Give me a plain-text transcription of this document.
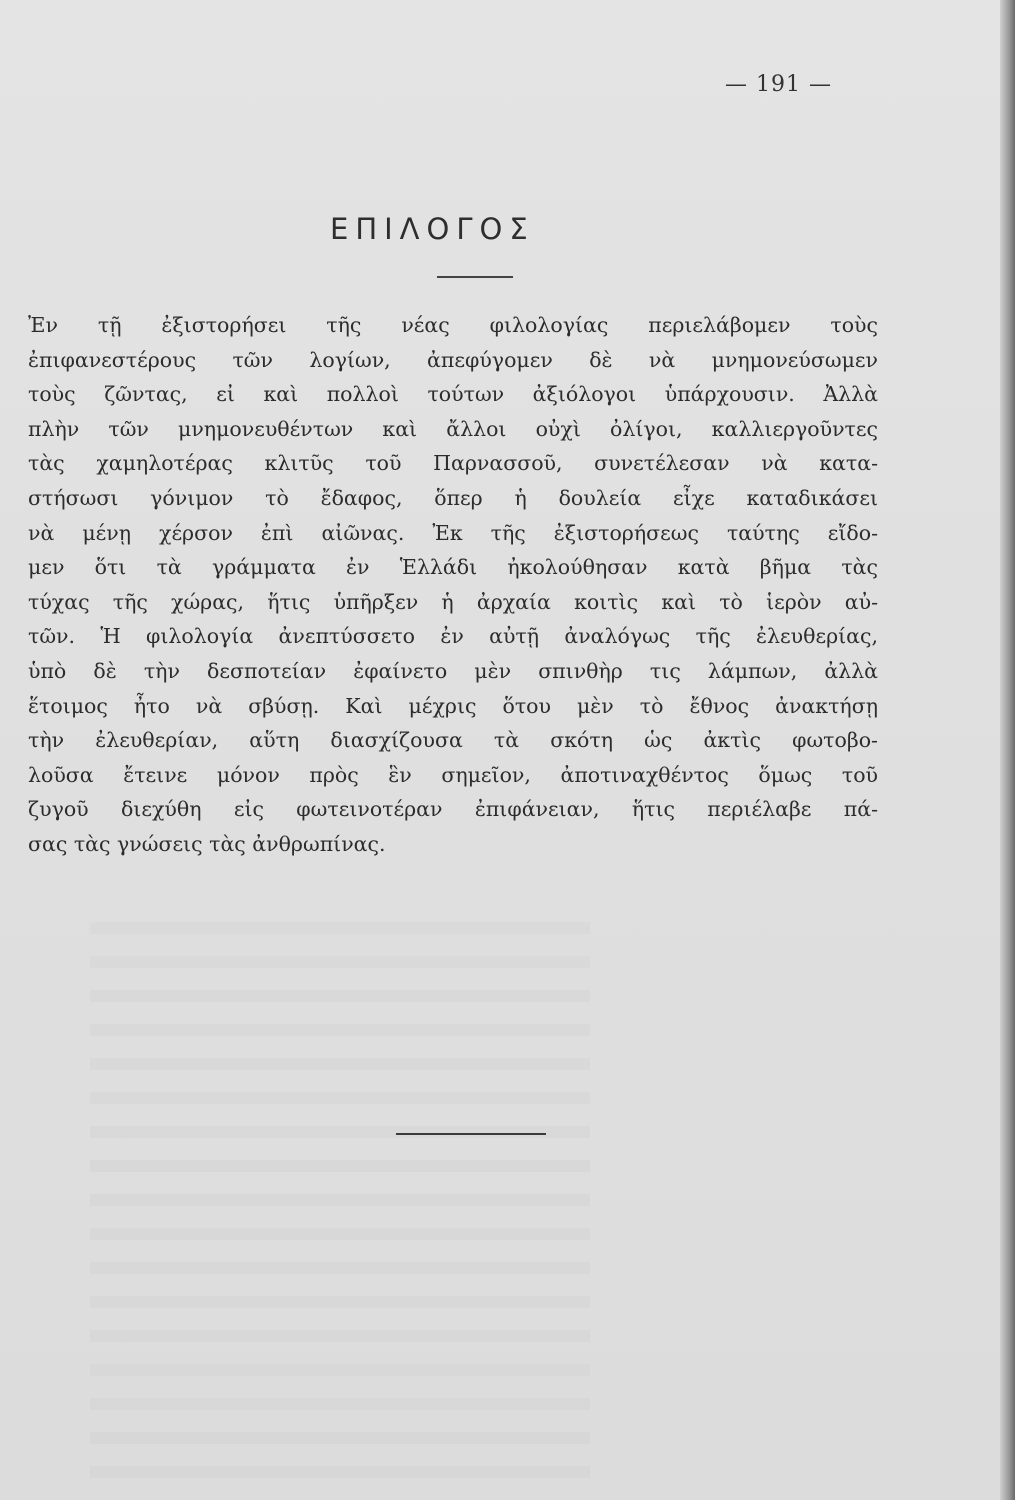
— 191 —
ΕΠΙΛΟΓΟΣ
Ἐν τῇ ἐξιστορήσει τῆς νέας φιλολογίας περιελάβομεν τοὺς
ἐπιφανεστέρους τῶν λογίων, ἀπεφύγομεν δὲ νὰ μνημονεύσωμεν
τοὺς ζῶντας, εἰ καὶ πολλοὶ τούτων ἀξιόλογοι ὑπάρχουσιν. Ἀλλὰ
πλὴν τῶν μνημονευθέντων καὶ ἄλλοι οὐχὶ ὀλίγοι, καλλιεργοῦντες
τὰς χαμηλοτέρας κλιτῦς τοῦ Παρνασσοῦ, συνετέλεσαν νὰ κατα-
στήσωσι γόνιμον τὸ ἔδαφος, ὅπερ ἡ δουλεία εἶχε καταδικάσει
νὰ μένῃ χέρσον ἐπὶ αἰῶνας. Ἐκ τῆς ἐξιστορήσεως ταύτης εἴδο-
μεν ὅτι τὰ γράμματα ἐν Ἑλλάδι ἠκολούθησαν κατὰ βῆμα τὰς
τύχας τῆς χώρας, ἥτις ὑπῆρξεν ἡ ἀρχαία κοιτὶς καὶ τὸ ἱερὸν αὐ-
τῶν. Ἡ φιλολογία ἀνεπτύσσετο ἐν αὐτῇ ἀναλόγως τῆς ἐλευθερίας,
ὑπὸ δὲ τὴν δεσποτείαν ἐφαίνετο μὲν σπινθὴρ τις λάμπων, ἀλλὰ
ἕτοιμος ἦτο νὰ σβύσῃ. Καὶ μέχρις ὅτου μὲν τὸ ἔθνος ἀνακτήσῃ
τὴν ἐλευθερίαν, αὕτη διασχίζουσα τὰ σκότη ὡς ἀκτὶς φωτοβο-
λοῦσα ἔτεινε μόνον πρὸς ἓν σημεῖον, ἀποτιναχθέντος ὅμως τοῦ
ζυγοῦ διεχύθη εἰς φωτεινοτέραν ἐπιφάνειαν, ἥτις περιέλαβε πά-
σας τὰς γνώσεις τὰς ἀνθρωπίνας.
